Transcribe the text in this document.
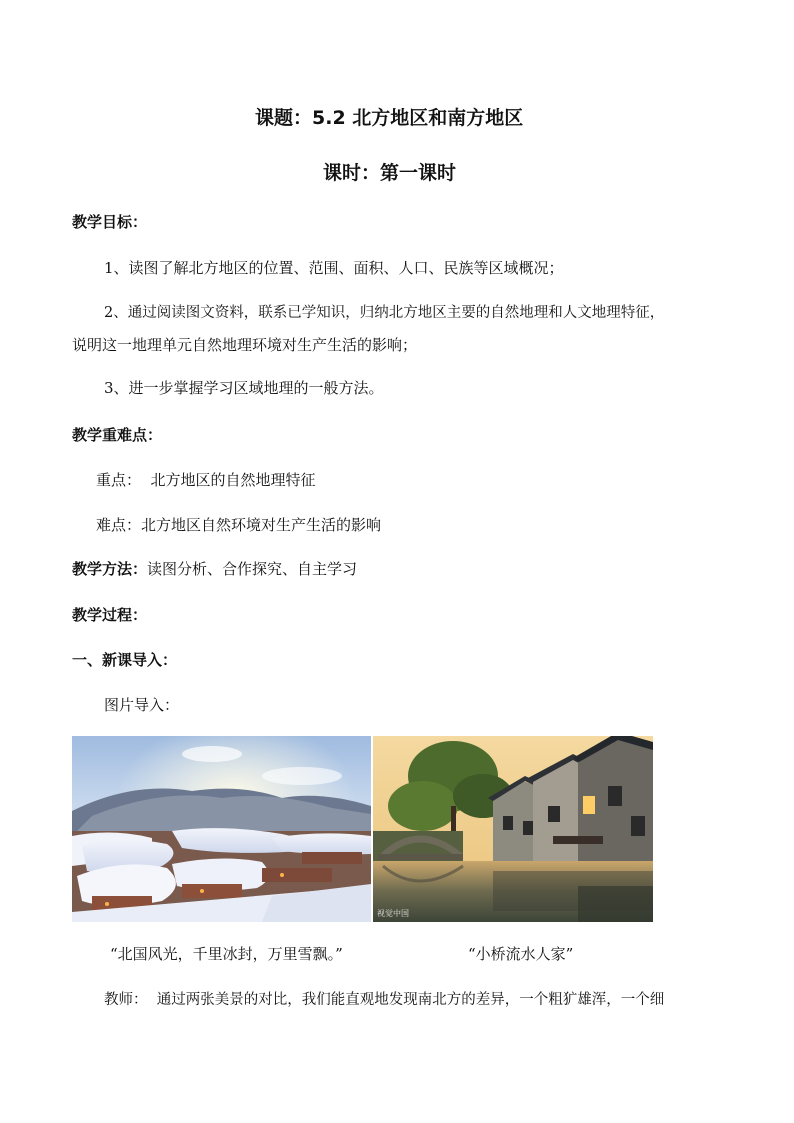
课题：5.2 北方地区和南方地区
课时：第一课时
教学目标：
1、读图了解北方地区的位置、范围、面积、人口、民族等区域概况；
2、通过阅读图文资料，联系已学知识，归纳北方地区主要的自然地理和人文地理特征，
说明这一地理单元自然地理环境对生产生活的影响；
3、进一步掌握学习区域地理的一般方法。
教学重难点：
重点：  北方地区的自然地理特征
难点：北方地区自然环境对生产生活的影响
教学方法：读图分析、合作探究、自主学习
教学过程：
一、新课导入：
图片导入：
视觉中国
“北国风光，千里冰封，万里雪飘。”	“小桥流水人家”
教师：  通过两张美景的对比，我们能直观地发现南北方的差异，一个粗犷雄浑，一个细
